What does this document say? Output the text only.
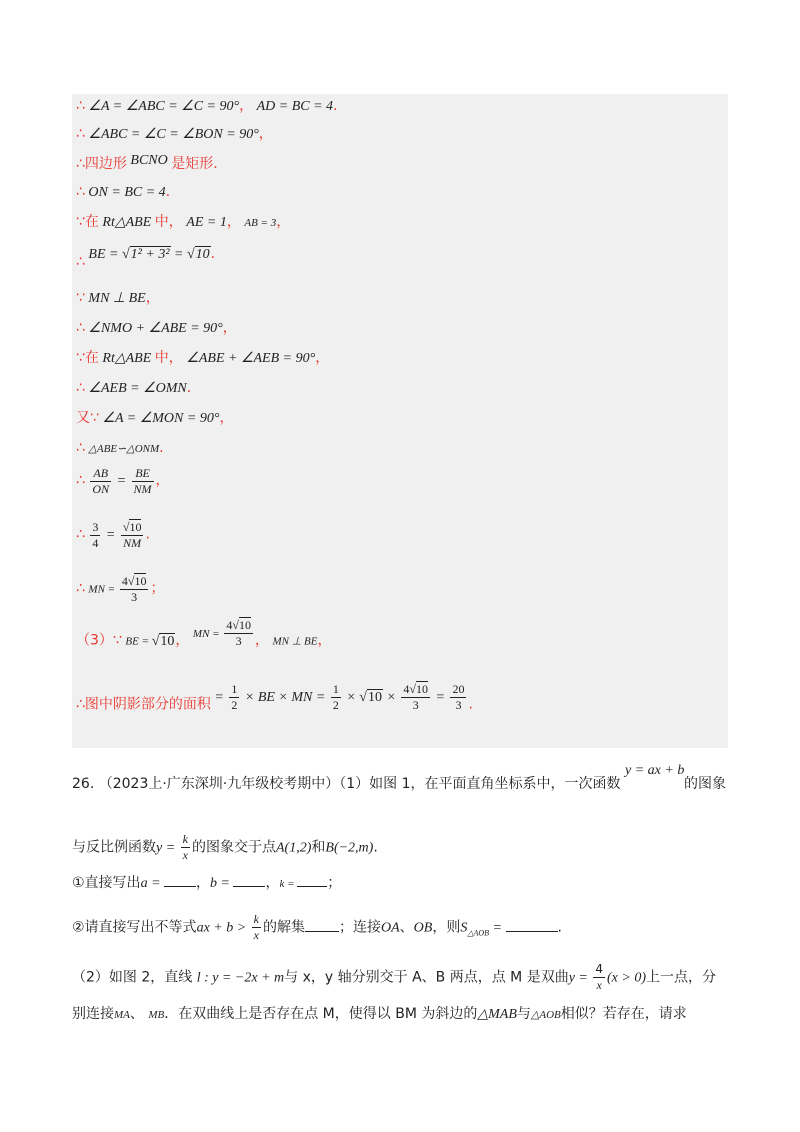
∴ ∠A = ∠ABC = ∠C = 90°， AD = BC = 4.
∴ ∠ABC = ∠C = ∠BON = 90°，
∴四边形 BCNO 是矩形.
∴ ON = BC = 4.
∵在 Rt△ABE 中， AE = 1， AB = 3，
∴ BE = √1² + 3² = √10.
∵ MN ⊥ BE，
∴ ∠NMO + ∠ABE = 90°，
∵在 Rt△ABE 中， ∠ABE + ∠AEB = 90°，
∴ ∠AEB = ∠OMN.
又∵ ∠A = ∠MON = 90°，
∴ △ABE∽△ONM.
∴ $\frac{AB}{ON} = \frac{BE}{NM}$ ，
∴ $\frac{3}{4} = \frac{√10}{NM}$ .
∴ MN = $\frac{4√10}{3}$ ；
（3）∵ BE = √10， $^{MN =} \frac{4√10}{3}$ ， MN ⊥ BE，
∴图中阴影部分的面积 = $\frac{1}{2}$ × BE × MN = $\frac{1}{2} \times √10 \times \frac{4√10}{3} = \frac{20}{3}$ .
26. （2023上·广东深圳·九年级校考期中）（1）如图 1，在平面直角坐标系中，一次函数
y = ax + b
的图象
与反比例函数$y = \frac{k}{x}$ 的图象交于点A(1,2)和B(−2,m).
①直接写出a = ，b = ，k = ；
②请直接写出不等式ax + $b > \frac{k}{x}$ 的解集 ；连接OA、OB，则$S_{\triangle AOB}$ =	.
（2）如图 2，直线 l : y = −2x + m与 x，y 轴分别交于 A、B 两点，点 M 是双曲$y = \frac{4}{x} (x > 0)$上一点，分
别连接MA、 MB．在双曲线上是否存在点 M，使得以 BM 为斜边的△MAB与△AOB相似？若存在，请求
